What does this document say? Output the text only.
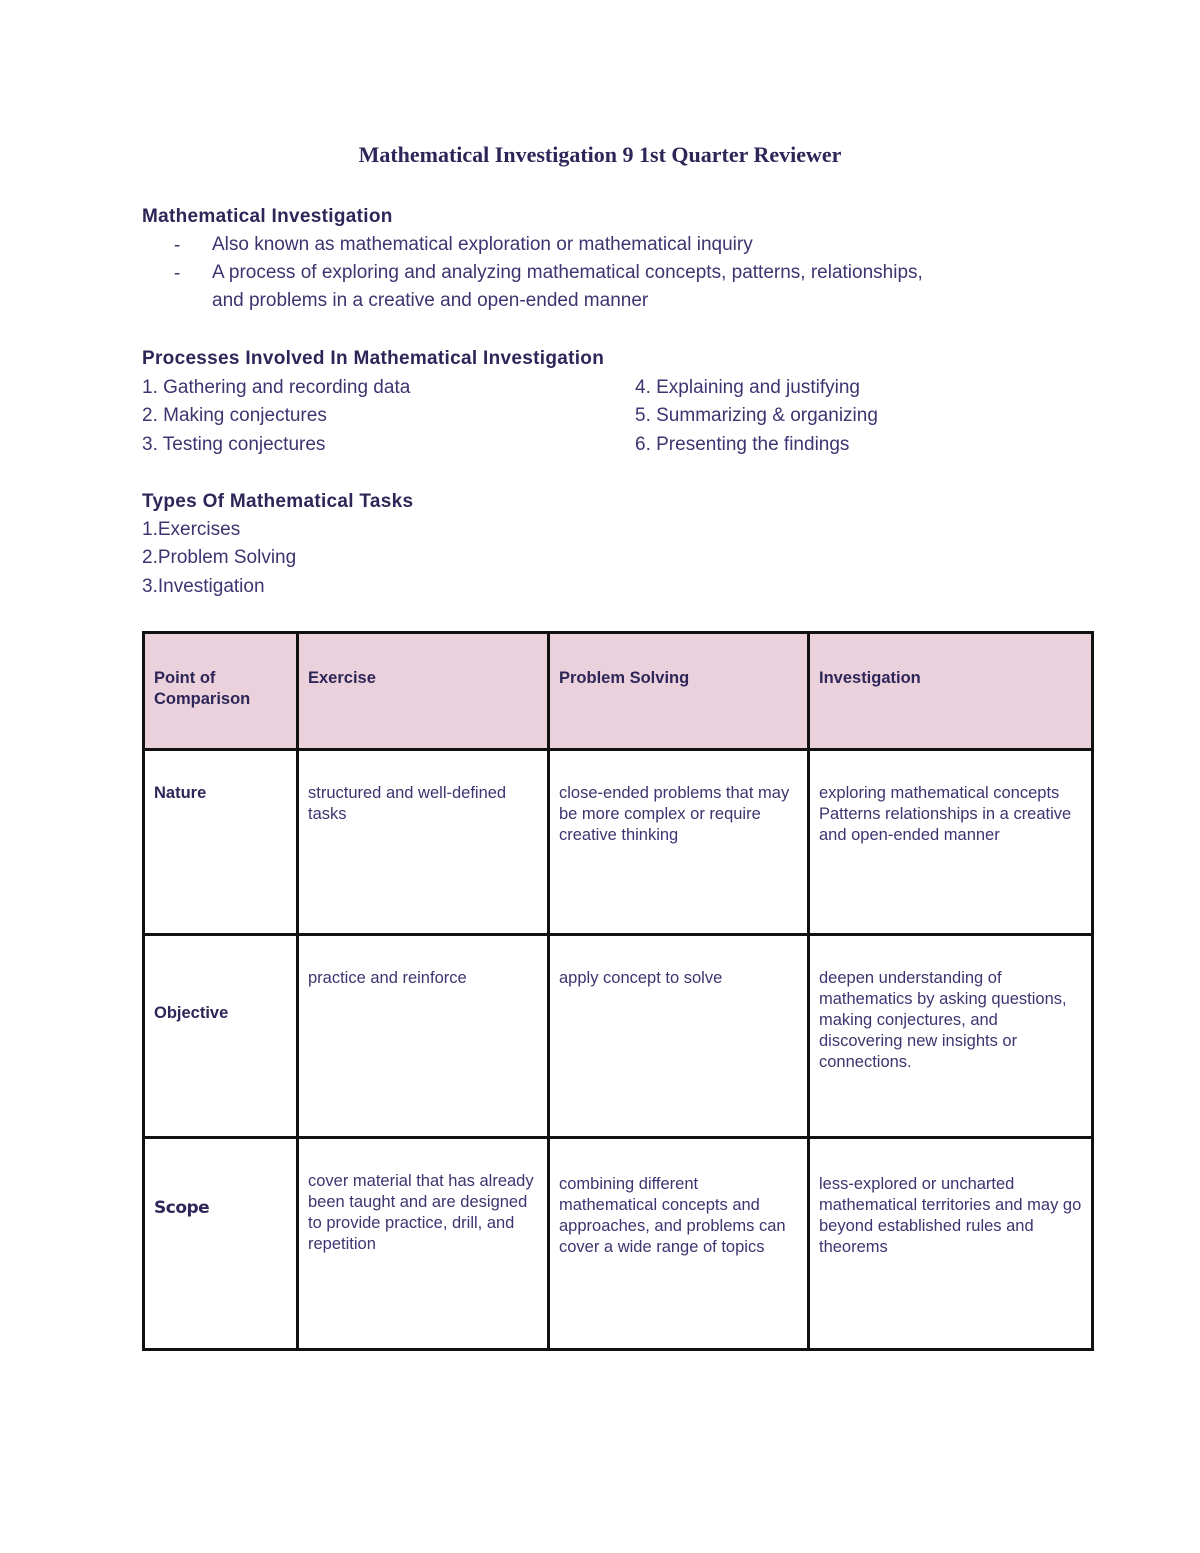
Mathematical Investigation 9 1st Quarter Reviewer
Mathematical Investigation
- Also known as mathematical exploration or mathematical inquiry
- A process of exploring and analyzing mathematical concepts, patterns, relationships,
and problems in a creative and open-ended manner
Processes Involved In Mathematical Investigation
1. Gathering and recording data
2. Making conjectures
3. Testing conjectures
4. Explaining and justifying
5. Summarizing & organizing
6. Presenting the findings
Types Of Mathematical Tasks
1.Exercises
2.Problem Solving
3.Investigation
Point of Comparison	Exercise	Problem Solving	Investigation
Nature	structured and well-defined tasks	close-ended problems that may be more complex or require creative thinking	exploring mathematical concepts Patterns relationships in a creative and open-ended manner
Objective	practice and reinforce	apply concept to solve	deepen understanding of mathematics by asking questions, making conjectures, and discovering new insights or connections.
Scope	cover material that has already been taught and are designed to provide practice, drill, and repetition	combining different mathematical concepts and approaches, and problems can cover a wide range of topics	less-explored or uncharted mathematical territories and may go beyond established rules and theorems
